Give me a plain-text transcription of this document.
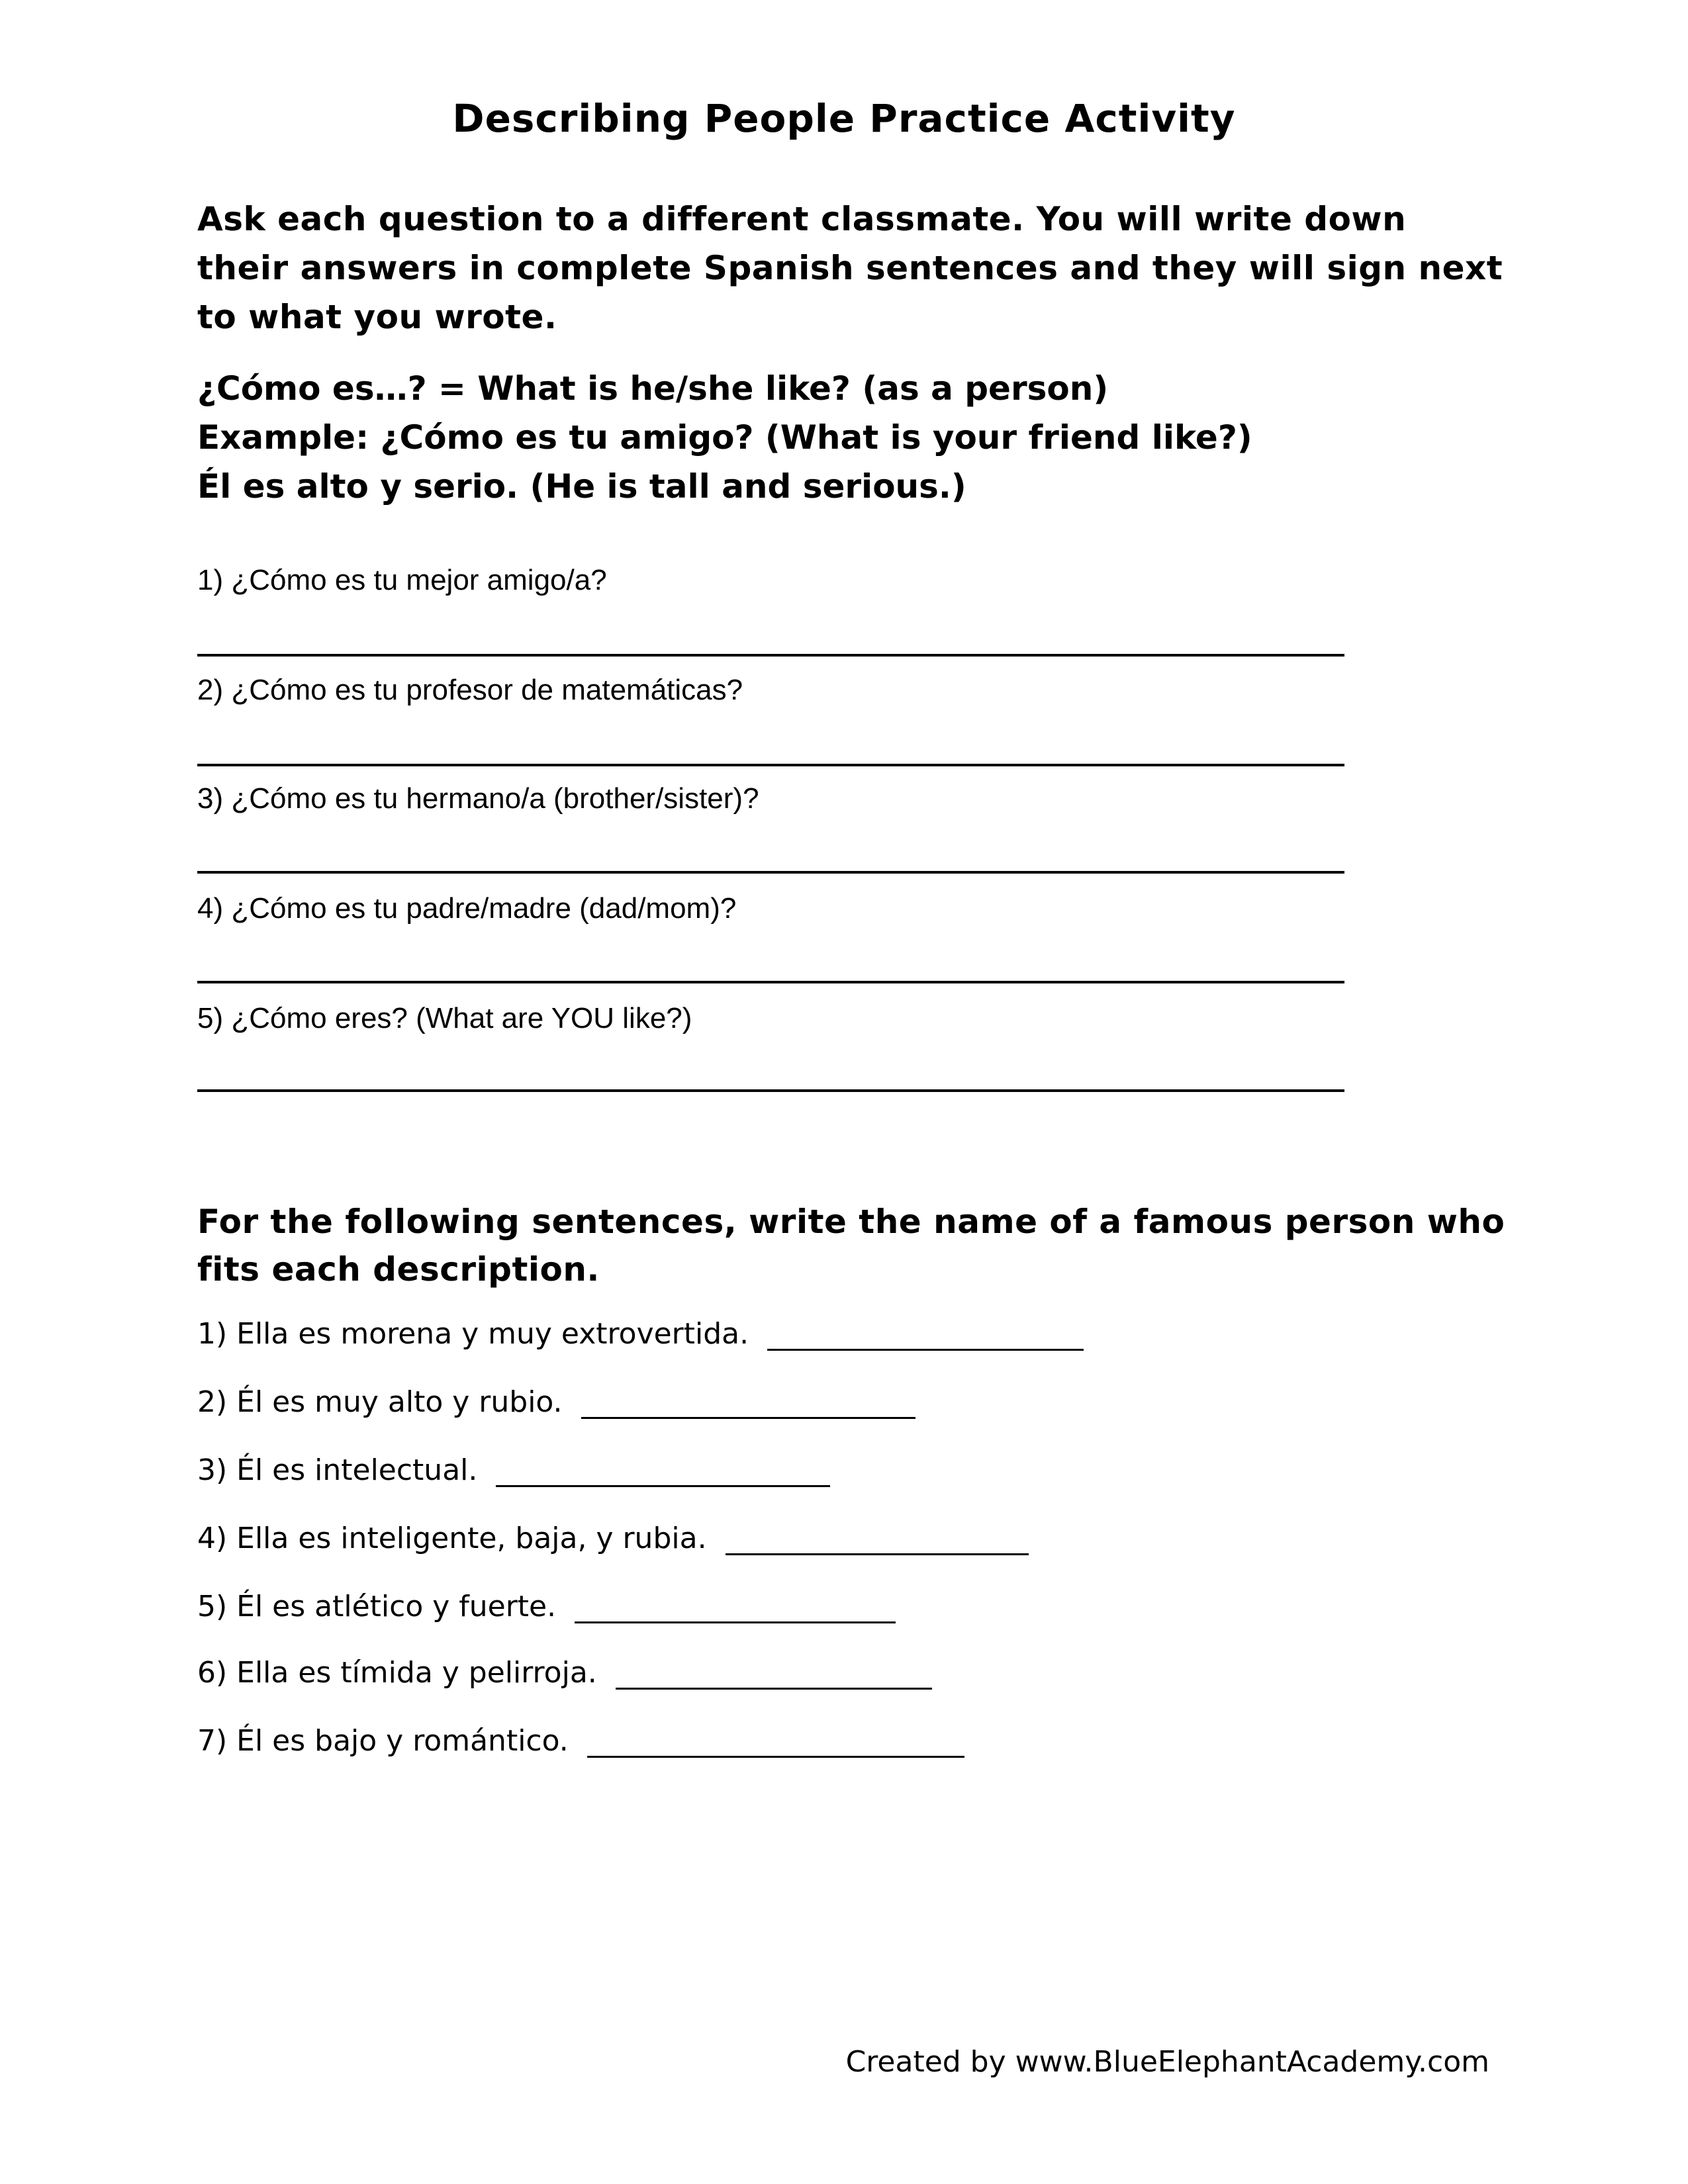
Describing People Practice Activity

Ask each question to a different classmate. You will write down their answers in complete Spanish sentences and they will sign next to what you wrote.

¿Cómo es…? = What is he/she like? (as a person)
Example: ¿Cómo es tu amigo? (What is your friend like?)
Él es alto y serio. (He is tall and serious.)
1) ¿Cómo es tu mejor amigo/a?
2) ¿Cómo es tu profesor de matemáticas?
3) ¿Cómo es tu hermano/a (brother/sister)?
4) ¿Cómo es tu padre/madre (dad/mom)?
5) ¿Cómo eres? (What are YOU like?)

For the following sentences, write the name of a famous person who fits each description.

1) Ella es morena y muy extrovertida.
2) Él es muy alto y rubio.
3) Él es intelectual.
4) Ella es inteligente, baja, y rubia.
5) Él es atlético y fuerte.
6) Ella es tímida y pelirroja.
7) Él es bajo y romántico.
Created by www.BlueElephantAcademy.com
